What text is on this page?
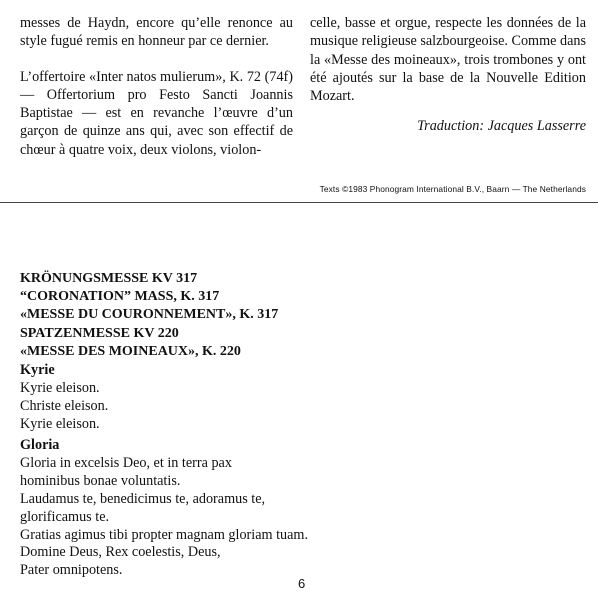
messes de Haydn, encore qu’elle renonce au style fugué remis en honneur par ce dernier.

L’offertoire «Inter natos mulierum», K. 72 (74f) — Offertorium pro Festo Sancti Joannis Baptistae — est en revanche l’œuvre d’un garçon de quinze ans qui, avec son effectif de chœur à quatre voix, deux violons, violon-

celle, basse et orgue, respecte les données de la musique religieuse salzbourgeoise. Comme dans la «Messe des moineaux», trois trombones y ont été ajoutés sur la base de la Nouvelle Edition Mozart.

Traduction: Jacques Lasserre

Texts ©1983 Phonogram International B.V., Baarn — The Netherlands
KRÖNUNGSMESSE KV 317
“CORONATION” MASS, K. 317
«MESSE DU COURONNEMENT», K. 317
SPATZENMESSE KV 220
«MESSE DES MOINEAUX», K. 220
Kyrie
Kyrie eleison.
Christe eleison.
Kyrie eleison.
Gloria
Gloria in excelsis Deo, et in terra pax
hominibus bonae voluntatis.
Laudamus te, benedicimus te, adoramus te,
glorificamus te.
Gratias agimus tibi propter magnam gloriam tuam.
Domine Deus, Rex coelestis, Deus,
Pater omnipotens.
6
